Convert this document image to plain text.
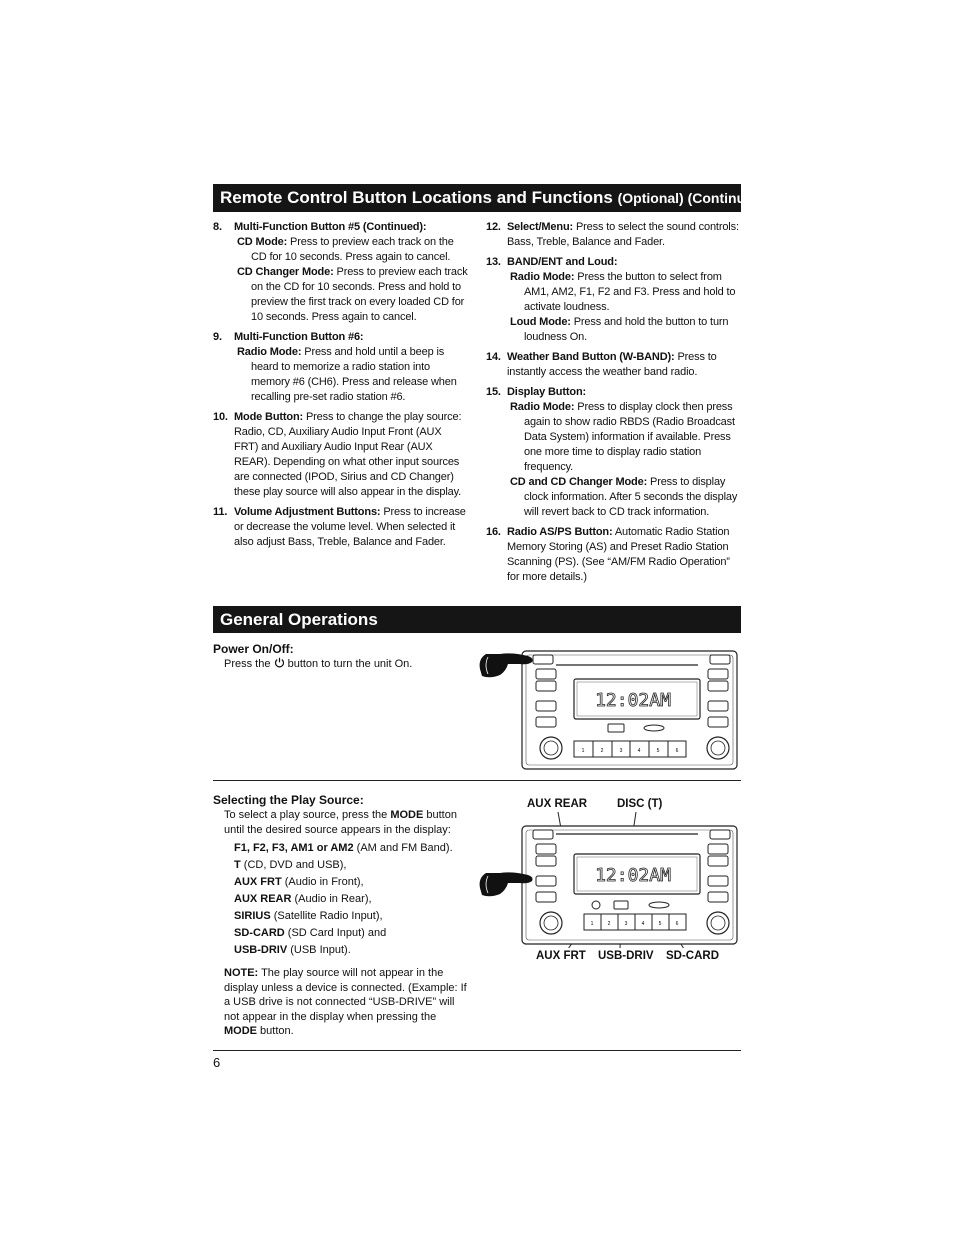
Remote Control Button Locations and Functions (Optional) (Continued)
8. Multi-Function Button #5 (Continued):
CD Mode: Press to preview each track on the CD for 10 seconds. Press again to cancel.
CD Changer Mode: Press to preview each track on the CD for 10 seconds. Press and hold to preview the first track on every loaded CD for 10 seconds. Press again to cancel.
9. Multi-Function Button #6:
Radio Mode: Press and hold until a beep is heard to memorize a radio station into memory #6 (CH6). Press and release when recalling pre-set radio station #6.
10. Mode Button: Press to change the play source: Radio, CD, Auxiliary Audio Input Front (AUX FRT) and Auxiliary Audio Input Rear (AUX REAR). Depending on what other input sources are connected (IPOD, Sirius and CD Changer) these play source will also appear in the display.
11. Volume Adjustment Buttons: Press to increase or decrease the volume level. When selected it also adjust Bass, Treble, Balance and Fader.
12. Select/Menu: Press to select the sound controls: Bass, Treble, Balance and Fader.
13. BAND/ENT and Loud:
Radio Mode: Press the button to select from AM1, AM2, F1, F2 and F3. Press and hold to activate loudness.
Loud Mode: Press and hold the button to turn loudness On.
14. Weather Band Button (W-BAND): Press to instantly access the weather band radio.
15. Display Button:
Radio Mode: Press to display clock then press again to show radio RBDS (Radio Broadcast Data System) information if available. Press one more time to display radio station frequency.
CD and CD Changer Mode: Press to display clock information. After 5 seconds the display will revert back to CD track information.
16. Radio AS/PS Button: Automatic Radio Station Memory Storing (AS) and Preset Radio Station Scanning (PS). (See “AM/FM Radio Operation” for more details.)
General Operations
Power On/Off:
Press the  button to turn the unit On.
12:02AM
1	2	3	4	5	6
Selecting the Play Source:
To select a play source, press the MODE button until the desired source appears in the display:
F1, F2, F3, AM1 or AM2 (AM and FM Band).
T (CD, DVD and USB),
AUX FRT (Audio in Front),
AUX REAR (Audio in Rear),
SIRIUS (Satellite Radio Input),
SD-CARD (SD Card Input) and
USB-DRIV (USB Input).
NOTE: The play source will not appear in the display unless a device is connected. (Example: If a USB drive is not connected “USB-DRIVE” will not appear in the display when pressing the MODE button.
AUX REAR	DISC (T)
AUX FRT USB-DRIV SD-CARD
12:02AM
1	2	3	4	5	6
6
